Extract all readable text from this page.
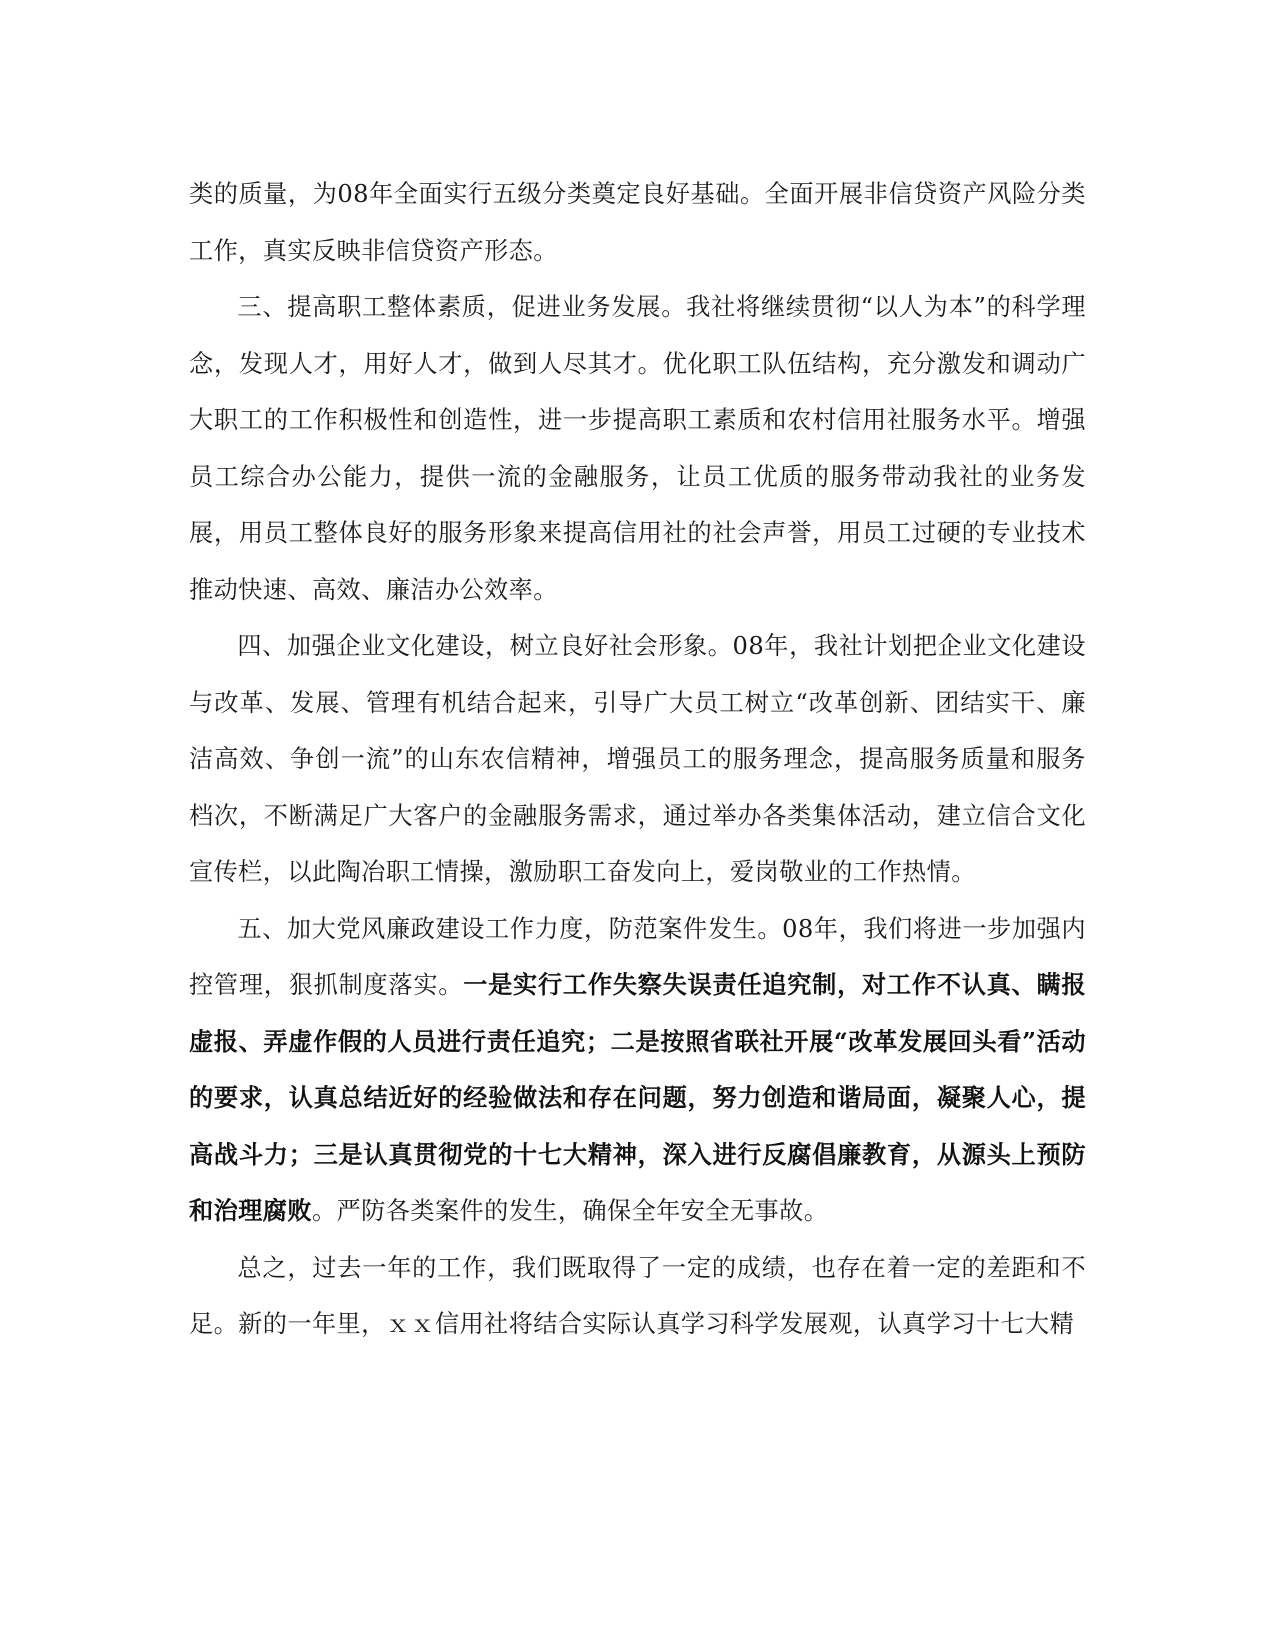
类的质量，为08年全面实行五级分类奠定良好基础。全面开展非信贷资产风险分类工作，真实反映非信贷资产形态。

三、提高职工整体素质，促进业务发展。我社将继续贯彻“以人为本”的科学理念，发现人才，用好人才，做到人尽其才。优化职工队伍结构，充分激发和调动广大职工的工作积极性和创造性，进一步提高职工素质和农村信用社服务水平。增强员工综合办公能力，提供一流的金融服务，让员工优质的服务带动我社的业务发展，用员工整体良好的服务形象来提高信用社的社会声誉，用员工过硬的专业技术推动快速、高效、廉洁办公效率。

四、加强企业文化建设，树立良好社会形象。08年，我社计划把企业文化建设与改革、发展、管理有机结合起来，引导广大员工树立“改革创新、团结实干、廉洁高效、争创一流”的山东农信精神，增强员工的服务理念，提高服务质量和服务档次，不断满足广大客户的金融服务需求，通过举办各类集体活动，建立信合文化宣传栏，以此陶冶职工情操，激励职工奋发向上，爱岗敬业的工作热情。

五、加大党风廉政建设工作力度，防范案件发生。08年，我们将进一步加强内控管理，狠抓制度落实。一是实行工作失察失误责任追究制，对工作不认真、瞒报虚报、弄虚作假的人员进行责任追究；二是按照省联社开展“改革发展回头看”活动的要求，认真总结近好的经验做法和存在问题，努力创造和谐局面，凝聚人心，提高战斗力；三是认真贯彻党的十七大精神，深入进行反腐倡廉教育，从源头上预防和治理腐败。严防各类案件的发生，确保全年安全无事故。

总之，过去一年的工作，我们既取得了一定的成绩，也存在着一定的差距和不足。新的一年里，ｘｘ信用社将结合实际认真学习科学发展观，认真学习十七大精
